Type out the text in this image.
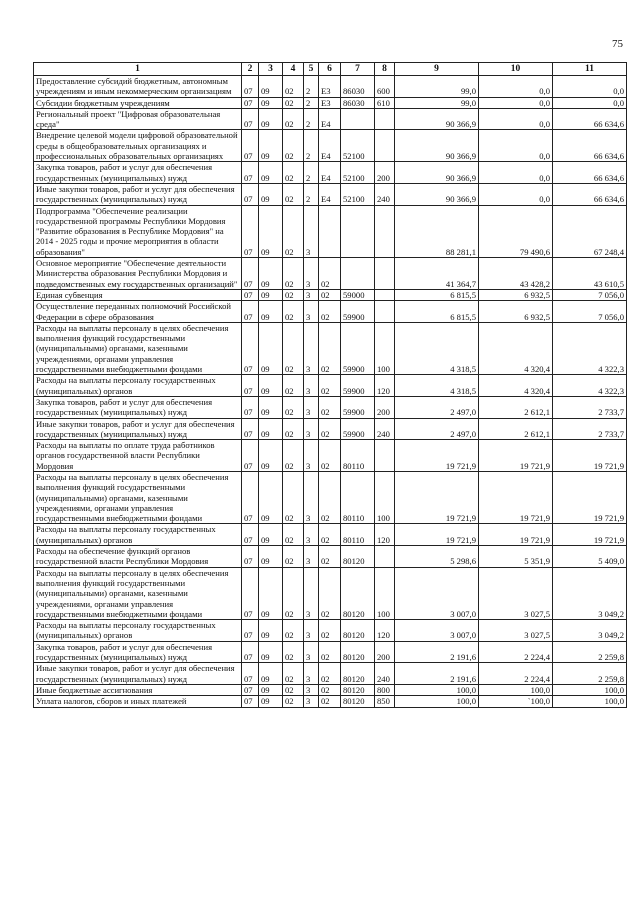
75
1	2	3	4	5	6	7	8	9	10	11
Предоставление субсидий бюджетным, автономным учреждениям и иным некоммерческим организациям	07	09	02	2	E3	86030	600	99,0	0,0	0,0
Субсидии бюджетным учреждениям	07	09	02	2	E3	86030	610	99,0	0,0	0,0
Региональный проект "Цифровая образовательная среда"	07	09	02	2	E4			90 366,9	0,0	66 634,6
Внедрение целевой модели цифровой образовательной среды в общеобразовательных организациях и профессиональных образовательных организациях	07	09	02	2	E4	52100		90 366,9	0,0	66 634,6
Закупка товаров, работ и услуг для обеспечения государственных (муниципальных) нужд	07	09	02	2	E4	52100	200	90 366,9	0,0	66 634,6
Иные закупки товаров, работ и услуг для обеспечения государственных (муниципальных) нужд	07	09	02	2	E4	52100	240	90 366,9	0,0	66 634,6
Подпрограмма "Обеспечение реализации государственной программы Республики Мордовия "Развитие образования в Республике Мордовия" на 2014 - 2025 годы и прочие мероприятия в области образования"	07	09	02	3				88 281,1	79 490,6	67 248,4
Основное мероприятие "Обеспечение деятельности Министерства образования Республики Мордовия и подведомственных ему государственных организаций"	07	09	02	3	02			41 364,7	43 428,2	43 610,5
Единая субвенция	07	09	02	3	02	59000		6 815,5	6 932,5	7 056,0
Осуществление переданных полномочий Российской Федерации в сфере образования	07	09	02	3	02	59900		6 815,5	6 932,5	7 056,0
Расходы на выплаты персоналу в целях обеспечения выполнения функций государственными (муниципальными) органами, казенными учреждениями, органами управления государственными внебюджетными фондами	07	09	02	3	02	59900	100	4 318,5	4 320,4	4 322,3
Расходы на выплаты персоналу государственных (муниципальных) органов	07	09	02	3	02	59900	120	4 318,5	4 320,4	4 322,3
Закупка товаров, работ и услуг для обеспечения государственных (муниципальных) нужд	07	09	02	3	02	59900	200	2 497,0	2 612,1	2 733,7
Иные закупки товаров, работ и услуг для обеспечения государственных (муниципальных) нужд	07	09	02	3	02	59900	240	2 497,0	2 612,1	2 733,7
Расходы на выплаты по оплате труда работников органов государственной власти Республики Мордовия	07	09	02	3	02	80110		19 721,9	19 721,9	19 721,9
Расходы на выплаты персоналу в целях обеспечения выполнения функций государственными (муниципальными) органами, казенными учреждениями, органами управления государственными внебюджетными фондами	07	09	02	3	02	80110	100	19 721,9	19 721,9	19 721,9
Расходы на выплаты персоналу государственных (муниципальных) органов	07	09	02	3	02	80110	120	19 721,9	19 721,9	19 721,9
Расходы на обеспечение функций органов государственной власти Республики Мордовия	07	09	02	3	02	80120		5 298,6	5 351,9	5 409,0
Расходы на выплаты персоналу в целях обеспечения выполнения функций государственными (муниципальными) органами, казенными учреждениями, органами управления государственными внебюджетными фондами	07	09	02	3	02	80120	100	3 007,0	3 027,5	3 049,2
Расходы на выплаты персоналу государственных (муниципальных) органов	07	09	02	3	02	80120	120	3 007,0	3 027,5	3 049,2
Закупка товаров, работ и услуг для обеспечения государственных (муниципальных) нужд	07	09	02	3	02	80120	200	2 191,6	2 224,4	2 259,8
Иные закупки товаров, работ и услуг для обеспечения государственных (муниципальных) нужд	07	09	02	3	02	80120	240	2 191,6	2 224,4	2 259,8
Иные бюджетные ассигнования	07	09	02	3	02	80120	800	100,0	100,0	100,0
Уплата налогов, сборов и иных платежей	07	09	02	3	02	80120	850	100,0	`100,0	100,0
